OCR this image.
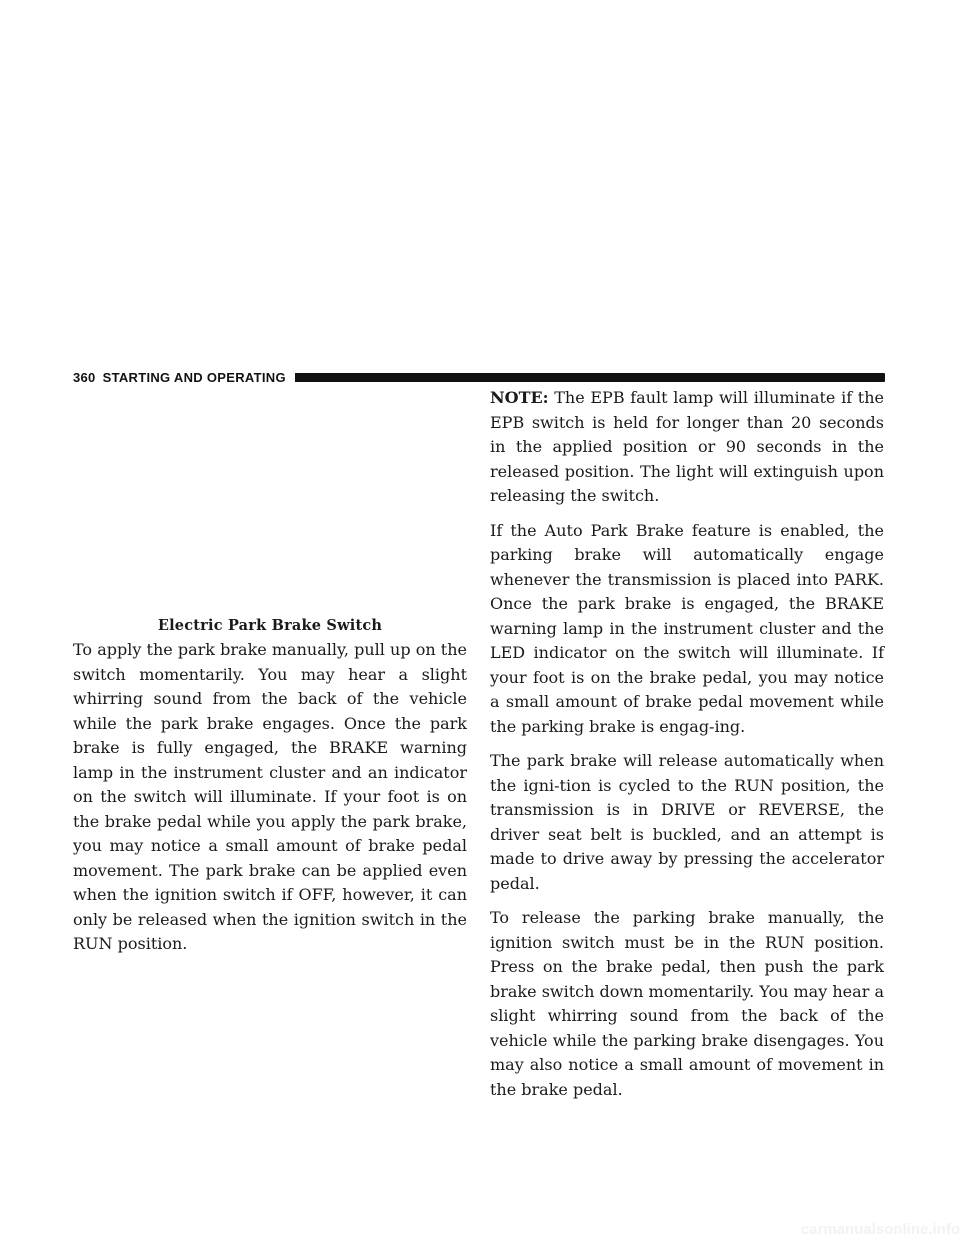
360 STARTING AND OPERATING
Electric Park Brake Switch

To apply the park brake manually, pull up on the switch momentarily. You may hear a slight whirring sound from the back of the vehicle while the park brake engages. Once the park brake is fully engaged, the BRAKE warning lamp in the instrument cluster and an indicator on the switch will illuminate. If your foot is on the brake pedal while you apply the park brake, you may notice a small amount of brake pedal movement. The park brake can be applied even when the ignition switch if OFF, however, it can only be released when the ignition switch in the RUN position.

NOTE: The EPB fault lamp will illuminate if the EPB switch is held for longer than 20 seconds in the applied position or 90 seconds in the released position. The light will extinguish upon releasing the switch.

If the Auto Park Brake feature is enabled, the parking brake will automatically engage whenever the transmission is placed into PARK. Once the park brake is engaged, the BRAKE warning lamp in the instrument cluster and the LED indicator on the switch will illuminate. If your foot is on the brake pedal, you may notice a small amount of brake pedal movement while the parking brake is engag-ing.

The park brake will release automatically when the igni-tion is cycled to the RUN position, the transmission is in DRIVE or REVERSE, the driver seat belt is buckled, and an attempt is made to drive away by pressing the accelerator pedal.

To release the parking brake manually, the ignition switch must be in the RUN position. Press on the brake pedal, then push the park brake switch down momentarily. You may hear a slight whirring sound from the back of the vehicle while the parking brake disengages. You may also notice a small amount of movement in the brake pedal.

carmanualsonline.info
